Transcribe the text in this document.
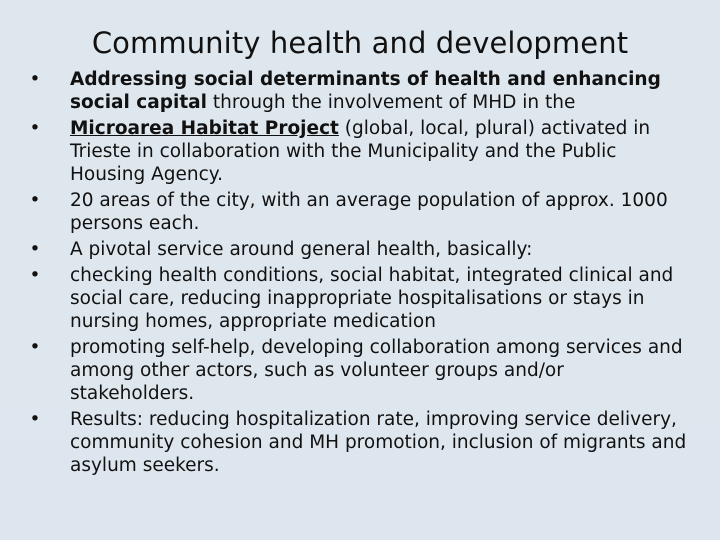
Community health and development
• Addressing social determinants of health and enhancing social capital through the involvement of MHD in the
• Microarea Habitat Project (global, local, plural) activated in Trieste in collaboration with the Municipality and the Public Housing Agency.
• 20 areas of the city, with an average population of approx. 1000 persons each.
• A pivotal service around general health, basically:
• checking health conditions, social habitat, integrated clinical and social care, reducing inappropriate hospitalisations or stays in nursing homes, appropriate medication
• promoting self-help, developing collaboration among services and among other actors, such as volunteer groups and/or stakeholders.
• Results: reducing hospitalization rate, improving service delivery, community cohesion and MH promotion, inclusion of migrants and asylum seekers.
